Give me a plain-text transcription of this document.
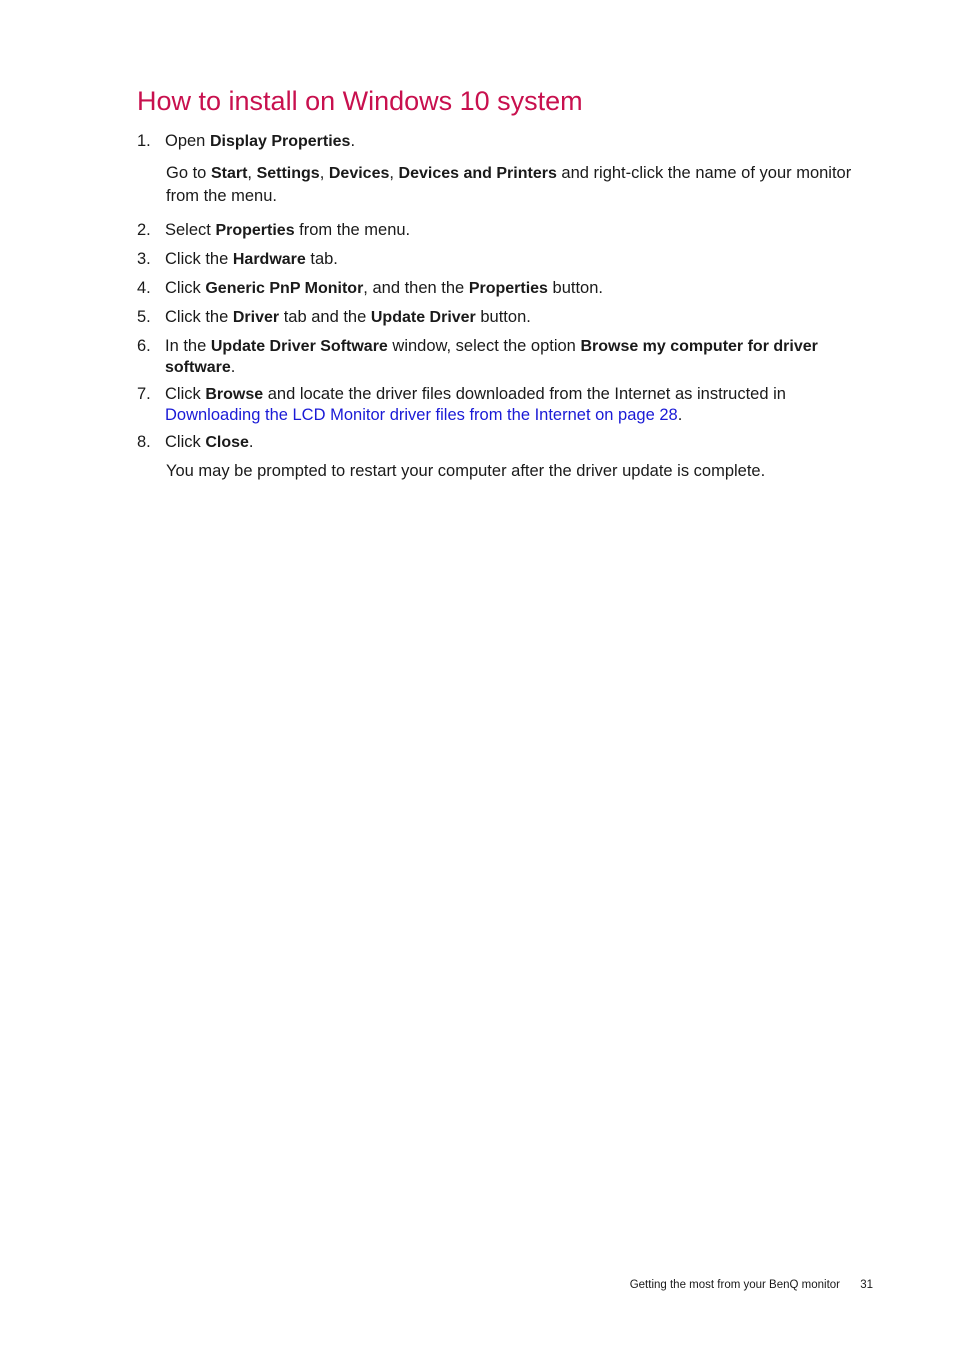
How to install on Windows 10 system
1. Open Display Properties.
Go to Start, Settings, Devices, Devices and Printers and right-click the name of your monitor from the menu.
2. Select Properties from the menu.
3. Click the Hardware tab.
4. Click Generic PnP Monitor, and then the Properties button.
5. Click the Driver tab and the Update Driver button.
6. In the Update Driver Software window, select the option Browse my computer for driver software.
7. Click Browse and locate the driver files downloaded from the Internet as instructed in Downloading the LCD Monitor driver files from the Internet on page 28.
8. Click Close.
You may be prompted to restart your computer after the driver update is complete.
Getting the most from your BenQ monitor 31
